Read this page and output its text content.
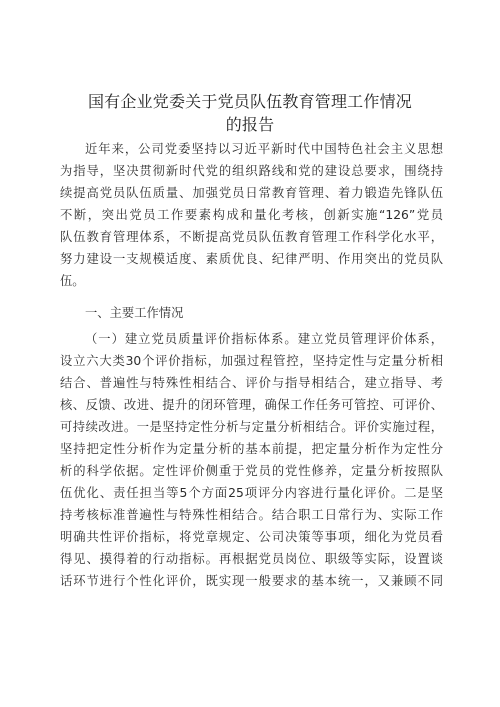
国有企业党委关于党员队伍教育管理工作情况
的报告
近年来，公司党委坚持以习近平新时代中国特色社会主义思想
为指导，坚决贯彻新时代党的组织路线和党的建设总要求，围绕持
续提高党员队伍质量、加强党员日常教育管理、着力锻造先锋队伍
不断，突出党员工作要素构成和量化考核，创新实施“126”党员
队伍教育管理体系，不断提高党员队伍教育管理工作科学化水平，
努力建设一支规模适度、素质优良、纪律严明、作用突出的党员队
伍。
一、主要工作情况
（一）建立党员质量评价指标体系。建立党员管理评价体系，
设立六大类30个评价指标，加强过程管控，坚持定性与定量分析相
结合、普遍性与特殊性相结合、评价与指导相结合，建立指导、考
核、反馈、改进、提升的闭环管理，确保工作任务可管控、可评价、
可持续改进。一是坚持定性分析与定量分析相结合。评价实施过程，
坚持把定性分析作为定量分析的基本前提，把定量分析作为定性分
析的科学依据。定性评价侧重于党员的党性修养，定量分析按照队
伍优化、责任担当等5个方面25项评分内容进行量化评价。二是坚
持考核标准普遍性与特殊性相结合。结合职工日常行为、实际工作
明确共性评价指标，将党章规定、公司决策等事项，细化为党员看
得见、摸得着的行动指标。再根据党员岗位、职级等实际，设置谈
话环节进行个性化评价，既实现一般要求的基本统一，又兼顾不同
